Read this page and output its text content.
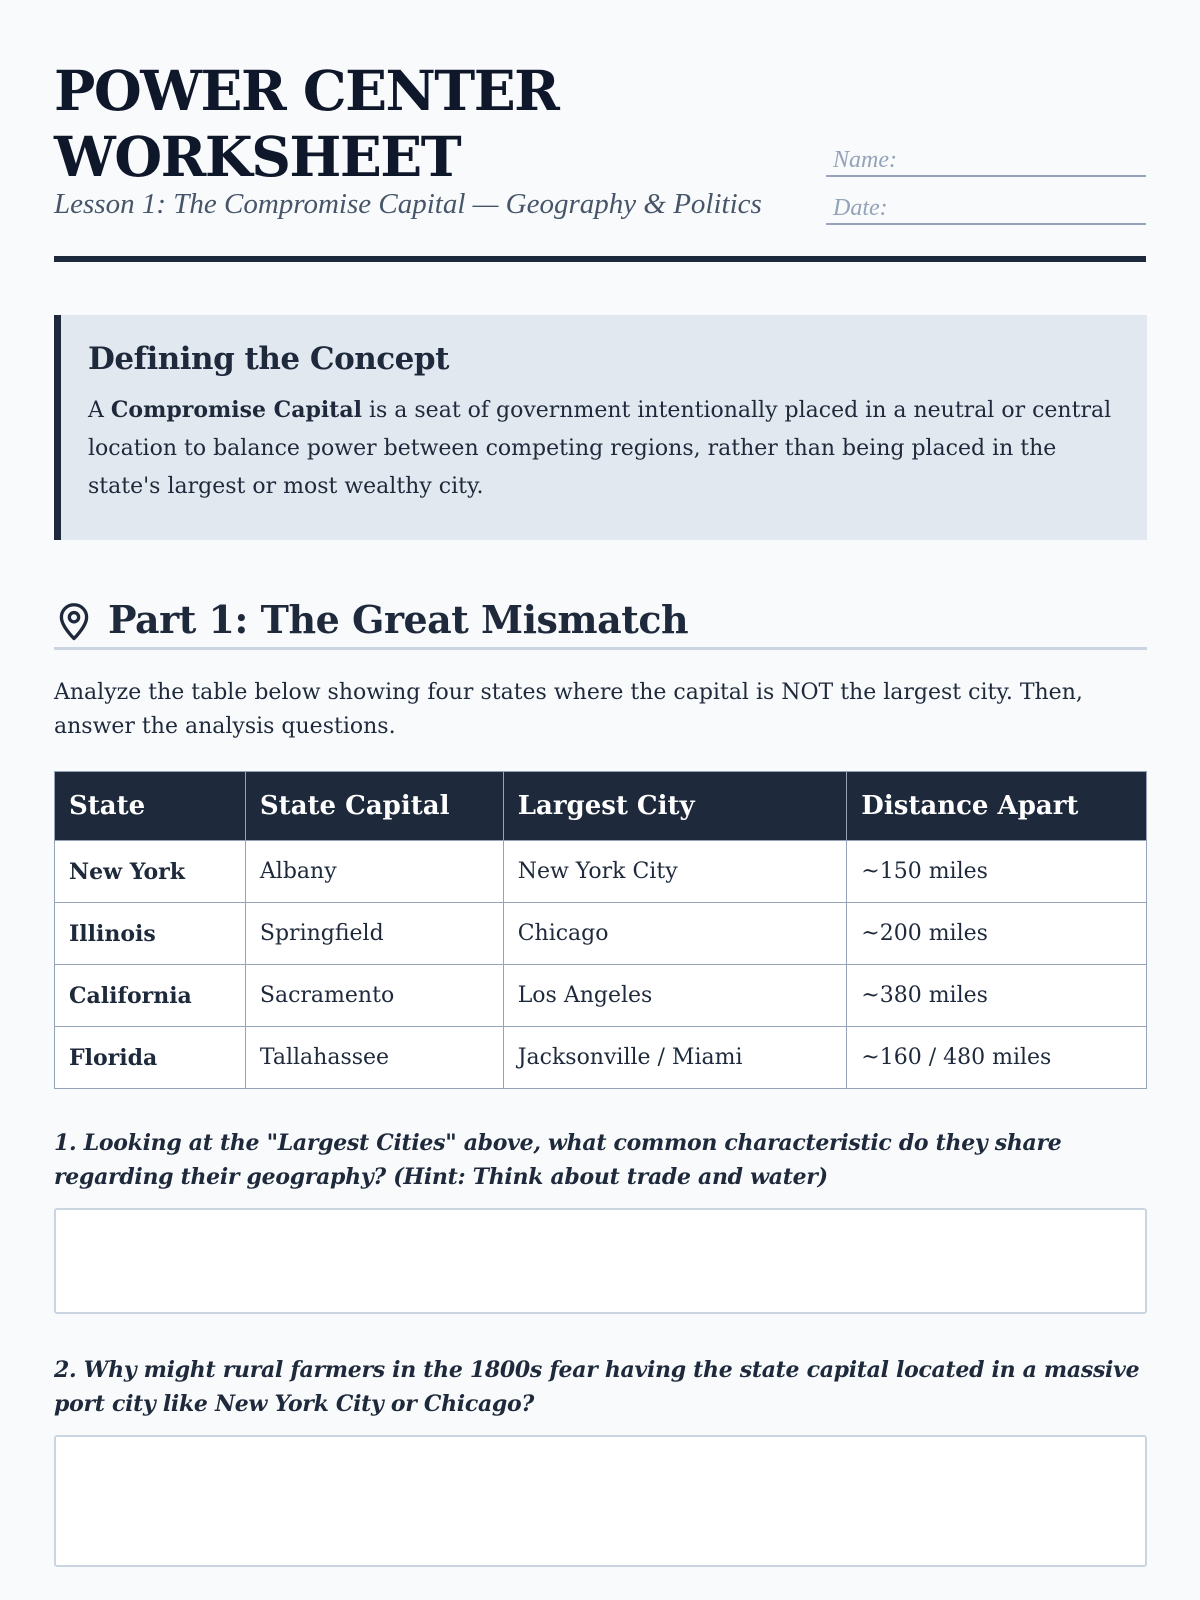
POWER CENTER
WORKSHEET
Lesson 1: The Compromise Capital — Geography & Politics
Name:
Date:
Defining the Concept

A Compromise Capital is a seat of government intentionally placed in a neutral or central location to balance power between competing regions, rather than being placed in the state's largest or most wealthy city.

Part 1: The Great Mismatch

Analyze the table below showing four states where the capital is NOT the largest city. Then, answer the analysis questions.

State	State Capital	Largest City	Distance Apart
New York	Albany	New York City	~150 miles
Illinois	Springfield	Chicago	~200 miles
California	Sacramento	Los Angeles	~380 miles
Florida	Tallahassee	Jacksonville / Miami	~160 / 480 miles

1. Looking at the "Largest Cities" above, what common characteristic do they share regarding their geography? (Hint: Think about trade and water)

2. Why might rural farmers in the 1800s fear having the state capital located in a massive port city like New York City or Chicago?
